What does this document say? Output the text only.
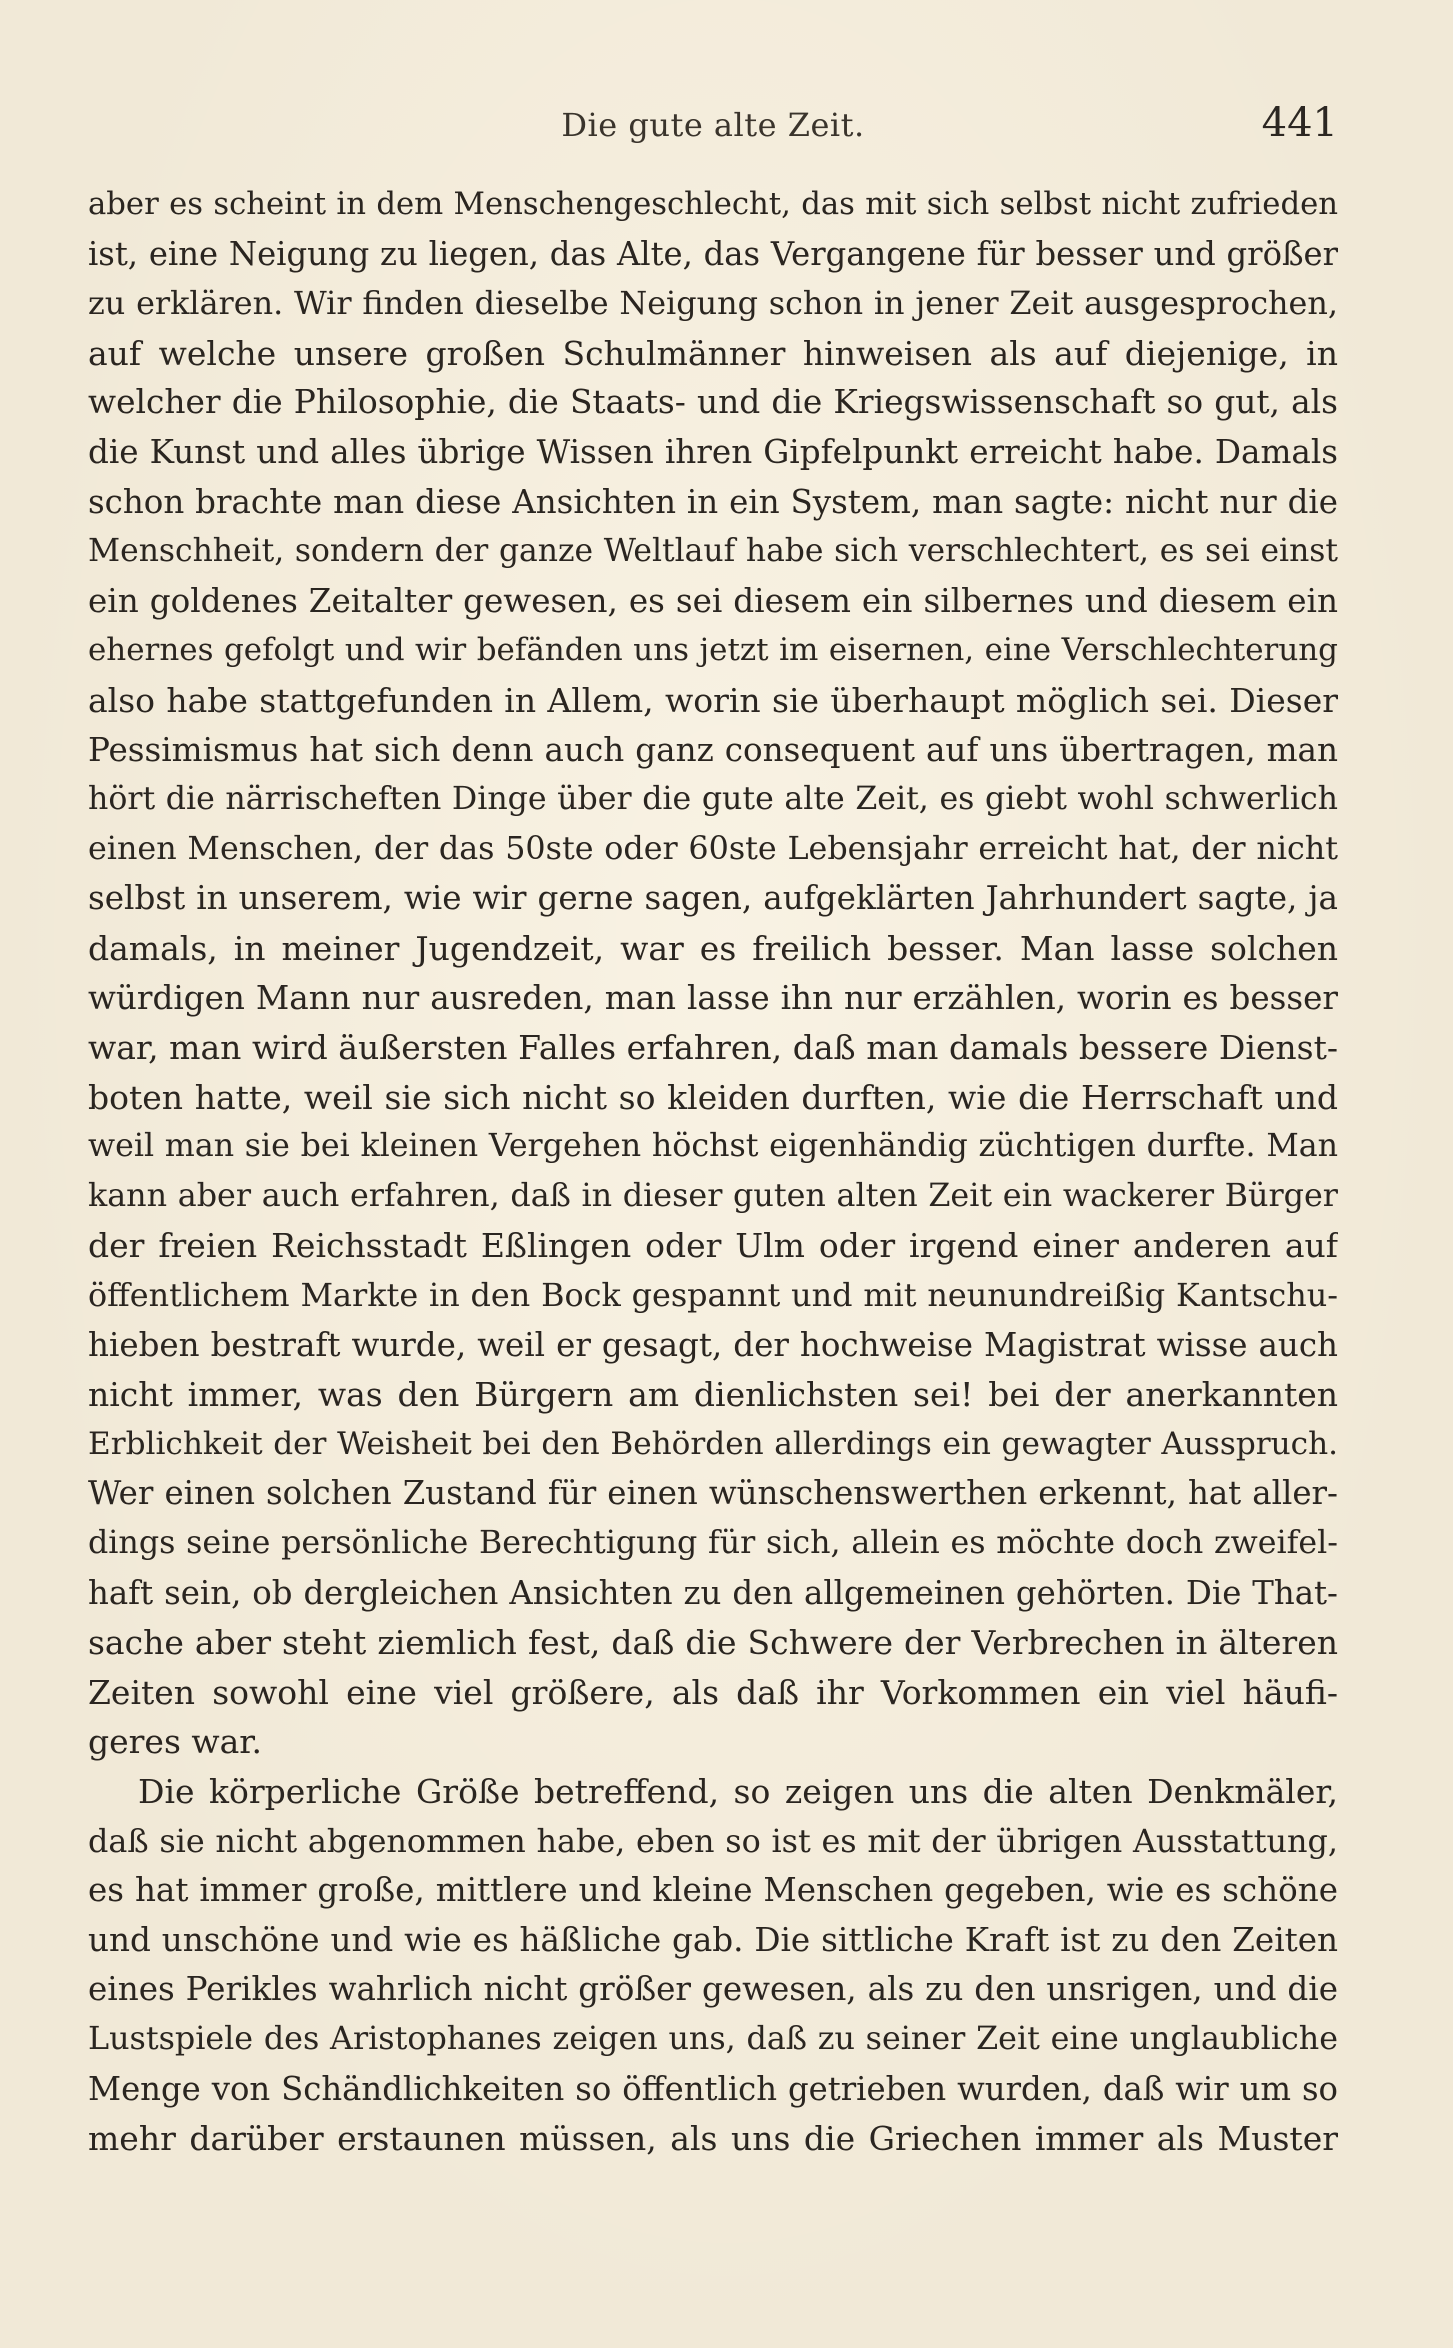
Die gute alte Zeit.	441
aber es scheint in dem Menschengeschlecht, das mit sich selbst nicht zufrieden
ist, eine Neigung zu liegen, das Alte, das Vergangene für besser und größer
zu erklären. Wir finden dieselbe Neigung schon in jener Zeit ausgesprochen,
auf welche unsere großen Schulmänner hinweisen als auf diejenige, in
welcher die Philosophie, die Staats- und die Kriegswissenschaft so gut, als
die Kunst und alles übrige Wissen ihren Gipfelpunkt erreicht habe. Damals
schon brachte man diese Ansichten in ein System, man sagte: nicht nur die
Menschheit, sondern der ganze Weltlauf habe sich verschlechtert, es sei einst
ein goldenes Zeitalter gewesen, es sei diesem ein silbernes und diesem ein
ehernes gefolgt und wir befänden uns jetzt im eisernen, eine Verschlechterung
also habe stattgefunden in Allem, worin sie überhaupt möglich sei. Dieser
Pessimismus hat sich denn auch ganz consequent auf uns übertragen, man
hört die närrischeften Dinge über die gute alte Zeit, es giebt wohl schwerlich
einen Menschen, der das 50ste oder 60ste Lebensjahr erreicht hat, der nicht
selbst in unserem, wie wir gerne sagen, aufgeklärten Jahrhundert sagte, ja
damals, in meiner Jugendzeit, war es freilich besser. Man lasse solchen
würdigen Mann nur ausreden, man lasse ihn nur erzählen, worin es besser
war, man wird äußersten Falles erfahren, daß man damals bessere Dienst-
boten hatte, weil sie sich nicht so kleiden durften, wie die Herrschaft und
weil man sie bei kleinen Vergehen höchst eigenhändig züchtigen durfte. Man
kann aber auch erfahren, daß in dieser guten alten Zeit ein wackerer Bürger
der freien Reichsstadt Eßlingen oder Ulm oder irgend einer anderen auf
öffentlichem Markte in den Bock gespannt und mit neunundreißig Kantschu-
hieben bestraft wurde, weil er gesagt, der hochweise Magistrat wisse auch
nicht immer, was den Bürgern am dienlichsten sei! bei der anerkannten
Erblichkeit der Weisheit bei den Behörden allerdings ein gewagter Ausspruch.
Wer einen solchen Zustand für einen wünschenswerthen erkennt, hat aller-
dings seine persönliche Berechtigung für sich, allein es möchte doch zweifel-
haft sein, ob dergleichen Ansichten zu den allgemeinen gehörten. Die That-
sache aber steht ziemlich fest, daß die Schwere der Verbrechen in älteren
Zeiten sowohl eine viel größere, als daß ihr Vorkommen ein viel häufi-
geres war.
Die körperliche Größe betreffend, so zeigen uns die alten Denkmäler,
daß sie nicht abgenommen habe, eben so ist es mit der übrigen Ausstattung,
es hat immer große, mittlere und kleine Menschen gegeben, wie es schöne
und unschöne und wie es häßliche gab. Die sittliche Kraft ist zu den Zeiten
eines Perikles wahrlich nicht größer gewesen, als zu den unsrigen, und die
Lustspiele des Aristophanes zeigen uns, daß zu seiner Zeit eine unglaubliche
Menge von Schändlichkeiten so öffentlich getrieben wurden, daß wir um so
mehr darüber erstaunen müssen, als uns die Griechen immer als Muster
